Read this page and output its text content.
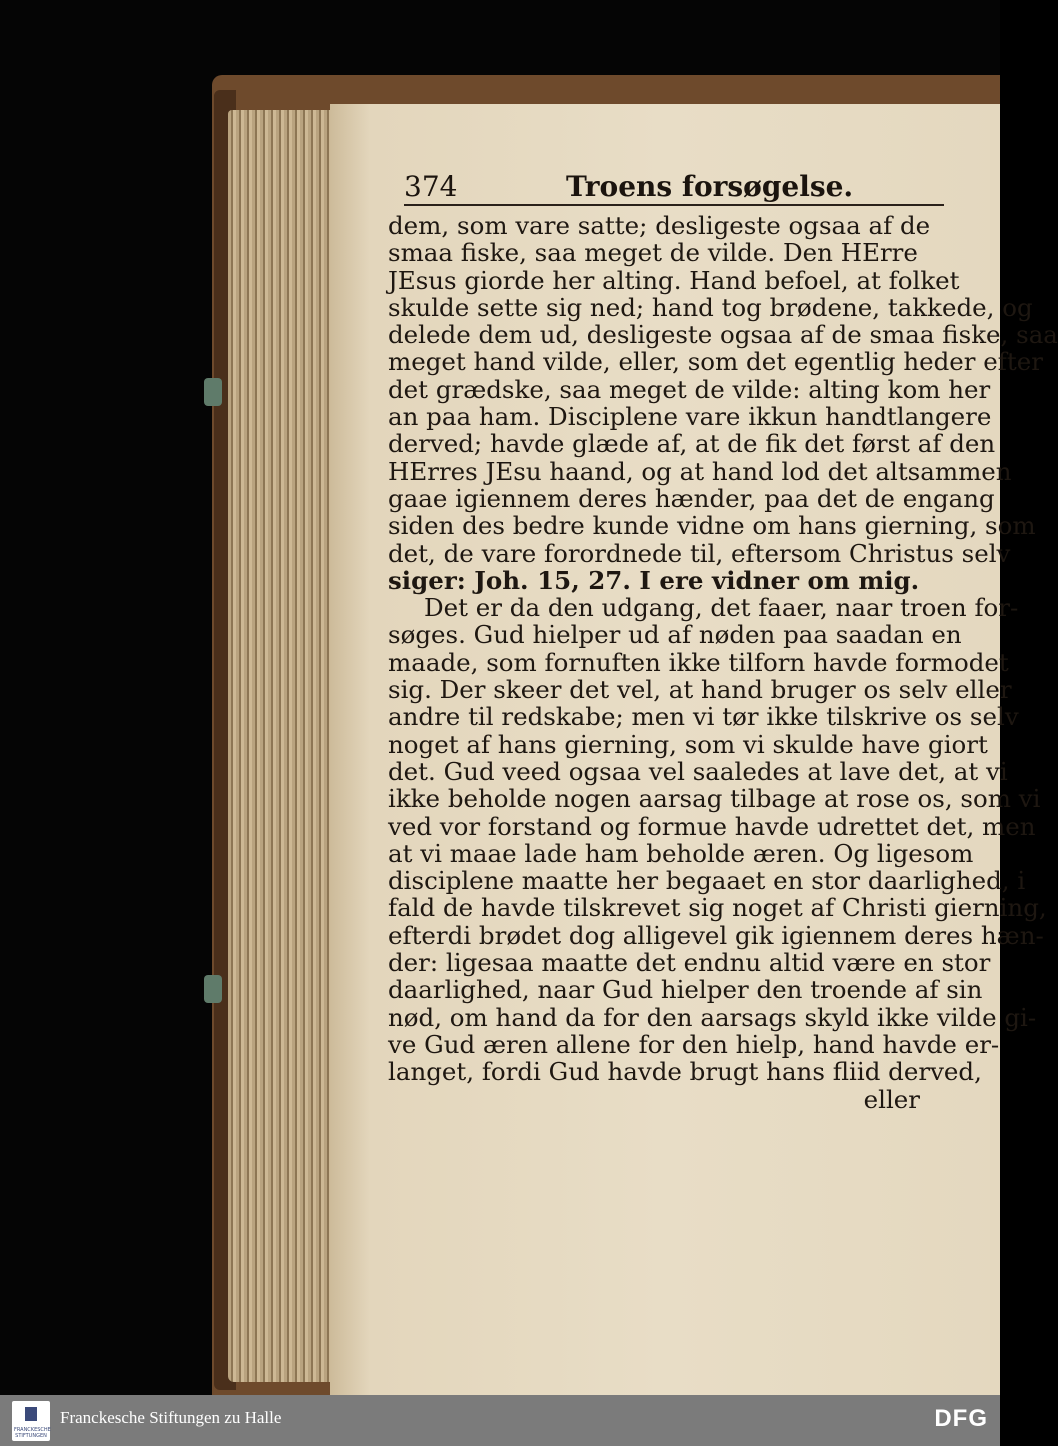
374	Troens forsøgelse.
dem, som vare satte; desligeste ogsaa af de
smaa fiske, saa meget de vilde. Den HErre
JEsus giorde her alting. Hand befoel, at folket
skulde sette sig ned; hand tog brødene, takkede, og
delede dem ud, desligeste ogsaa af de smaa fiske, saa
meget hand vilde, eller, som det egentlig heder efter
det grædske, saa meget de vilde: alting kom her
an paa ham. Disciplene vare ikkun handtlangere
derved; havde glæde af, at de fik det først af den
HErres JEsu haand, og at hand lod det altsammen
gaae igiennem deres hænder, paa det de engang
siden des bedre kunde vidne om hans gierning, som
det, de vare forordnede til, eftersom Christus selv
siger: Joh. 15, 27. I ere vidner om mig.
Det er da den udgang, det faaer, naar troen for-
søges. Gud hielper ud af nøden paa saadan en
maade, som fornuften ikke tilforn havde formodet
sig. Der skeer det vel, at hand bruger os selv eller
andre til redskabe; men vi tør ikke tilskrive os selv
noget af hans gierning, som vi skulde have giort
det. Gud veed ogsaa vel saaledes at lave det, at vi
ikke beholde nogen aarsag tilbage at rose os, som vi
ved vor forstand og formue havde udrettet det, men
at vi maae lade ham beholde æren. Og ligesom
disciplene maatte her begaaet en stor daarlighed, i
fald de havde tilskrevet sig noget af Christi gierning,
efterdi brødet dog alligevel gik igiennem deres hæn-
der: ligesaa maatte det endnu altid være en stor
daarlighed, naar Gud hielper den troende af sin
nød, om hand da for den aarsags skyld ikke vilde gi-
ve Gud æren allene for den hielp, hand havde er-
langet, fordi Gud havde brugt hans fliid derved,
eller
FRANCKESCHE STIFTUNGEN
Franckesche Stiftungen zu Halle	DFG
